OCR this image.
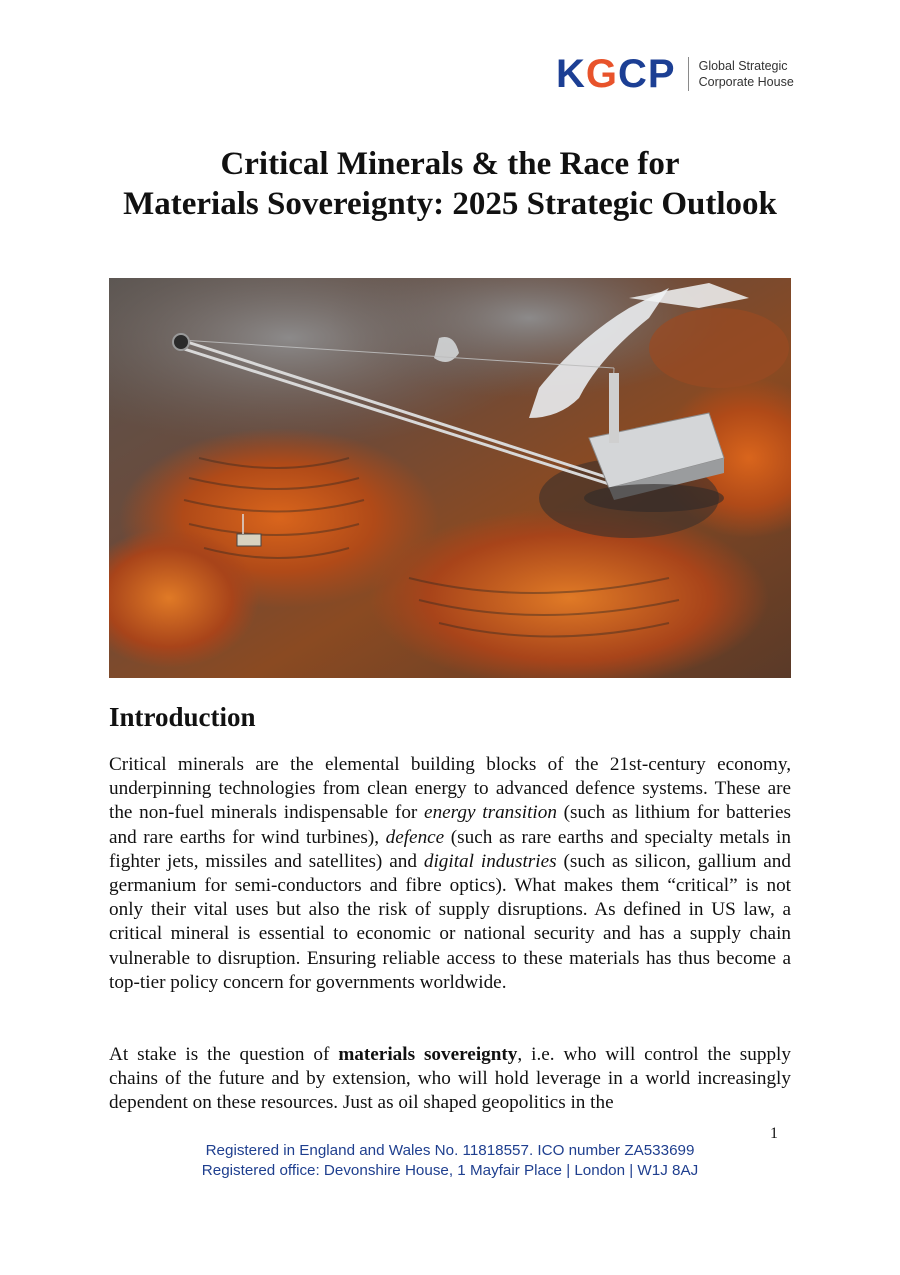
K G C P Global Strategic
Corporate House
Critical Minerals & the Race for
Materials Sovereignty: 2025 Strategic Outlook
Introduction

Critical minerals are the elemental building blocks of the 21st-century economy, underpinning technologies from clean energy to advanced defence systems. These are the non-fuel minerals indispensable for energy transition (such as lithium for batteries and rare earths for wind turbines), defence (such as rare earths and specialty metals in fighter jets, missiles and satellites) and digital industries (such as silicon, gallium and germanium for semi-conductors and fibre optics). What makes them “critical” is not only their vital uses but also the risk of supply disruptions. As defined in US law, a critical mineral is essential to economic or national security and has a supply chain vulnerable to disruption. Ensuring reliable access to these materials has thus become a top-tier policy concern for governments worldwide.

At stake is the question of materials sovereignty, i.e. who will control the supply chains of the future and by extension, who will hold leverage in a world increasingly dependent on these resources. Just as oil shaped geopolitics in the

1
Registered in England and Wales No. 11818557. ICO number ZA533699
Registered office: Devonshire House, 1 Mayfair Place | London | W1J 8AJ
